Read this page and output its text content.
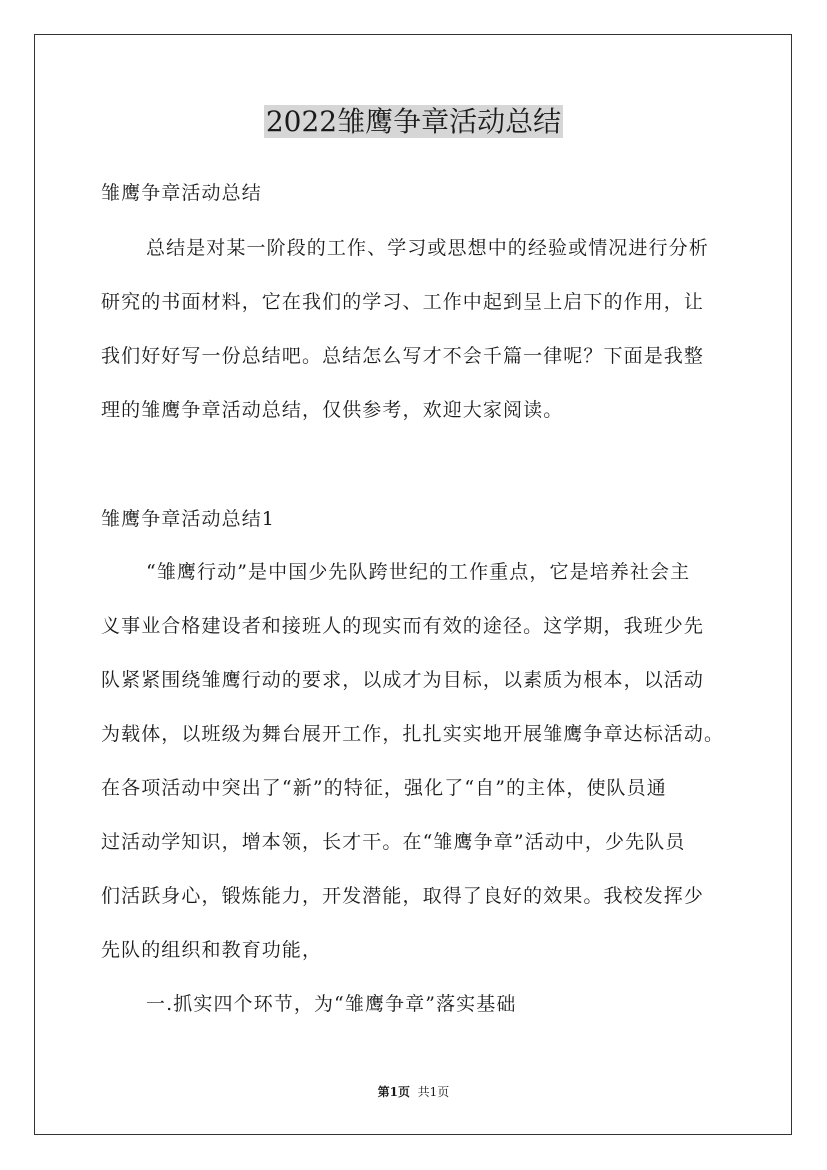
2022雏鹰争章活动总结
雏鹰争章活动总结
总结是对某一阶段的工作、学习或思想中的经验或情况进行分析
研究的书面材料，它在我们的学习、工作中起到呈上启下的作用，让
我们好好写一份总结吧。总结怎么写才不会千篇一律呢？下面是我整
理的雏鹰争章活动总结，仅供参考，欢迎大家阅读。
雏鹰争章活动总结1
“雏鹰行动”是中国少先队跨世纪的工作重点，它是培养社会主
义事业合格建设者和接班人的现实而有效的途径。这学期，我班少先
队紧紧围绕雏鹰行动的要求，以成才为目标，以素质为根本，以活动
为载体，以班级为舞台展开工作，扎扎实实地开展雏鹰争章达标活动。
在各项活动中突出了“新”的特征，强化了“自”的主体，使队员通
过活动学知识，增本领，长才干。在“雏鹰争章”活动中，少先队员
们活跃身心，锻炼能力，开发潜能，取得了良好的效果。我校发挥少
先队的组织和教育功能，
一.抓实四个环节，为“雏鹰争章”落实基础
第1页 共1页
